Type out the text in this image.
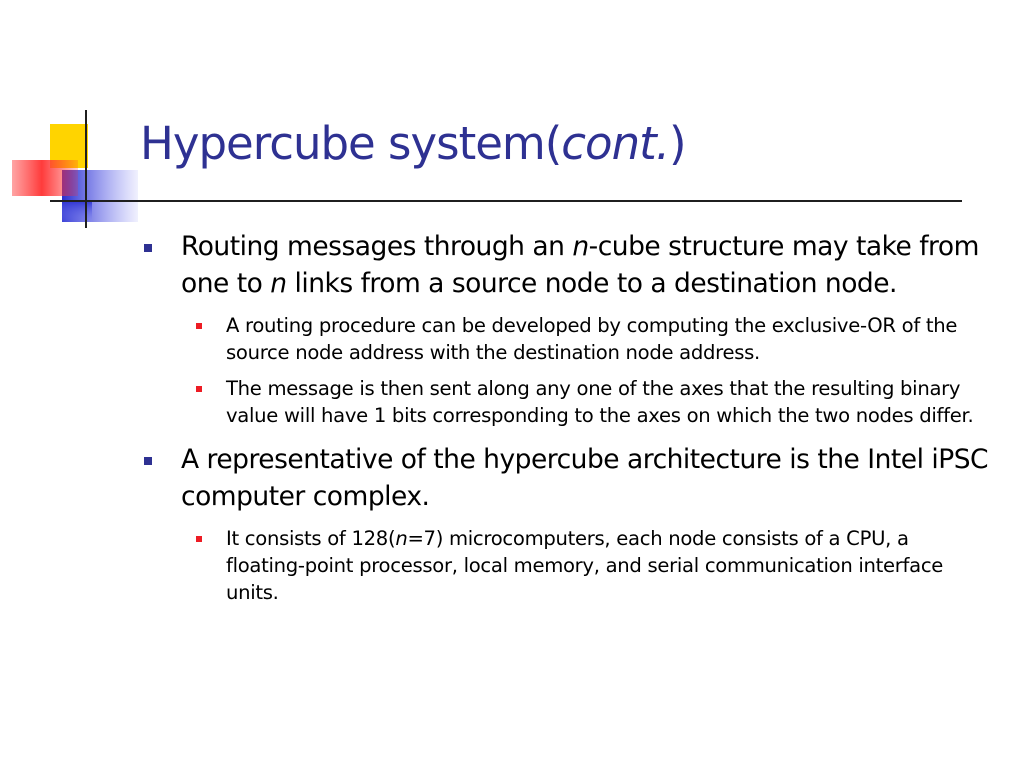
Hypercube system(cont.)
Routing messages through an n-cube structure may take from one to n links from a source node to a destination node.
A routing procedure can be developed by computing the exclusive-OR of the source node address with the destination node address.
The message is then sent along any one of the axes that the resulting binary value will have 1 bits corresponding to the axes on which the two nodes differ.
A representative of the hypercube architecture is the Intel iPSC computer complex.
It consists of 128(n=7) microcomputers, each node consists of a CPU, a floating-point processor, local memory, and serial communication interface units.
